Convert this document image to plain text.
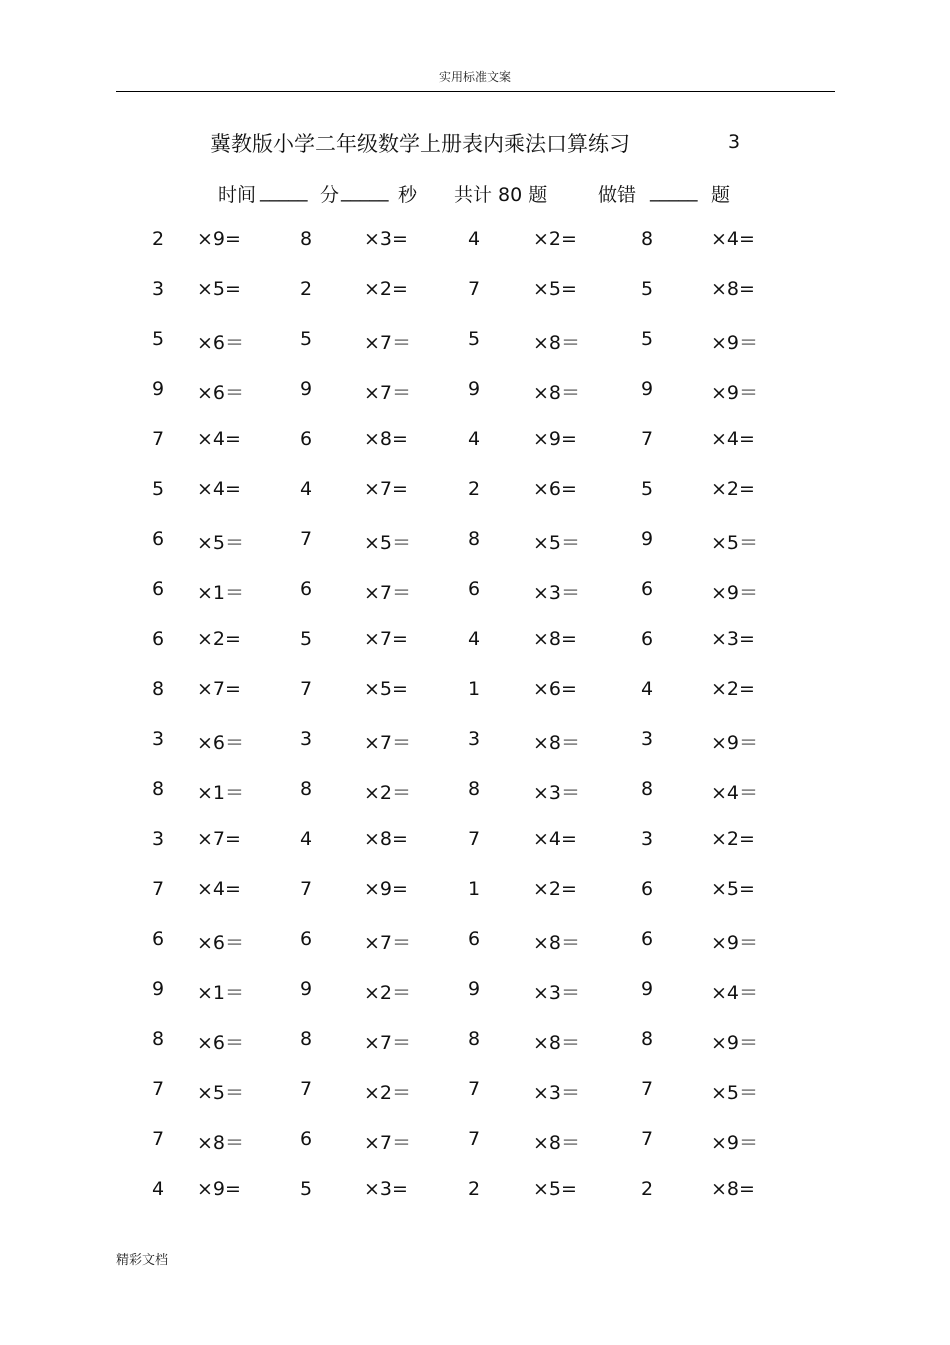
实用标准文案
冀教版小学二年级数学上册表内乘法口算练习	3
时间 _____ 分 _____ 秒 共计 80 题	做错 _____ 题
2 ×9=	8	×3=	4	×2=	8	×4=
3 ×5=	2	×2=	7	×5=	5	×8=
5 ×6＝	5	×7＝	5	×8＝	5	×9＝
9 ×6＝	9	×7＝	9	×8＝	9	×9＝
7 ×4=	6	×8=	4	×9=	7	×4=
5 ×4=	4	×7=	2	×6=	5	×2=
6 ×5＝	7	×5＝	8	×5＝	9	×5＝
6 ×1＝	6	×7＝	6	×3＝	6	×9＝
6 ×2=	5	×7=	4	×8=	6	×3=
8 ×7=	7	×5=	1	×6=	4	×2=
3 ×6＝	3	×7＝	3	×8＝	3	×9＝
8 ×1＝	8	×2＝	8	×3＝	8	×4＝
3 ×7=	4	×8=	7	×4=	3	×2=
7 ×4=	7	×9=	1	×2=	6	×5=
6 ×6＝	6	×7＝	6	×8＝	6	×9＝
9 ×1＝	9	×2＝	9	×3＝	9	×4＝
8 ×6＝	8	×7＝	8	×8＝	8	×9＝
7 ×5＝	7	×2＝	7	×3＝	7	×5＝
7 ×8＝	6	×7＝	7	×8＝	7	×9＝
4 ×9=	5	×3=	2	×5=	2	×8=
精彩文档
